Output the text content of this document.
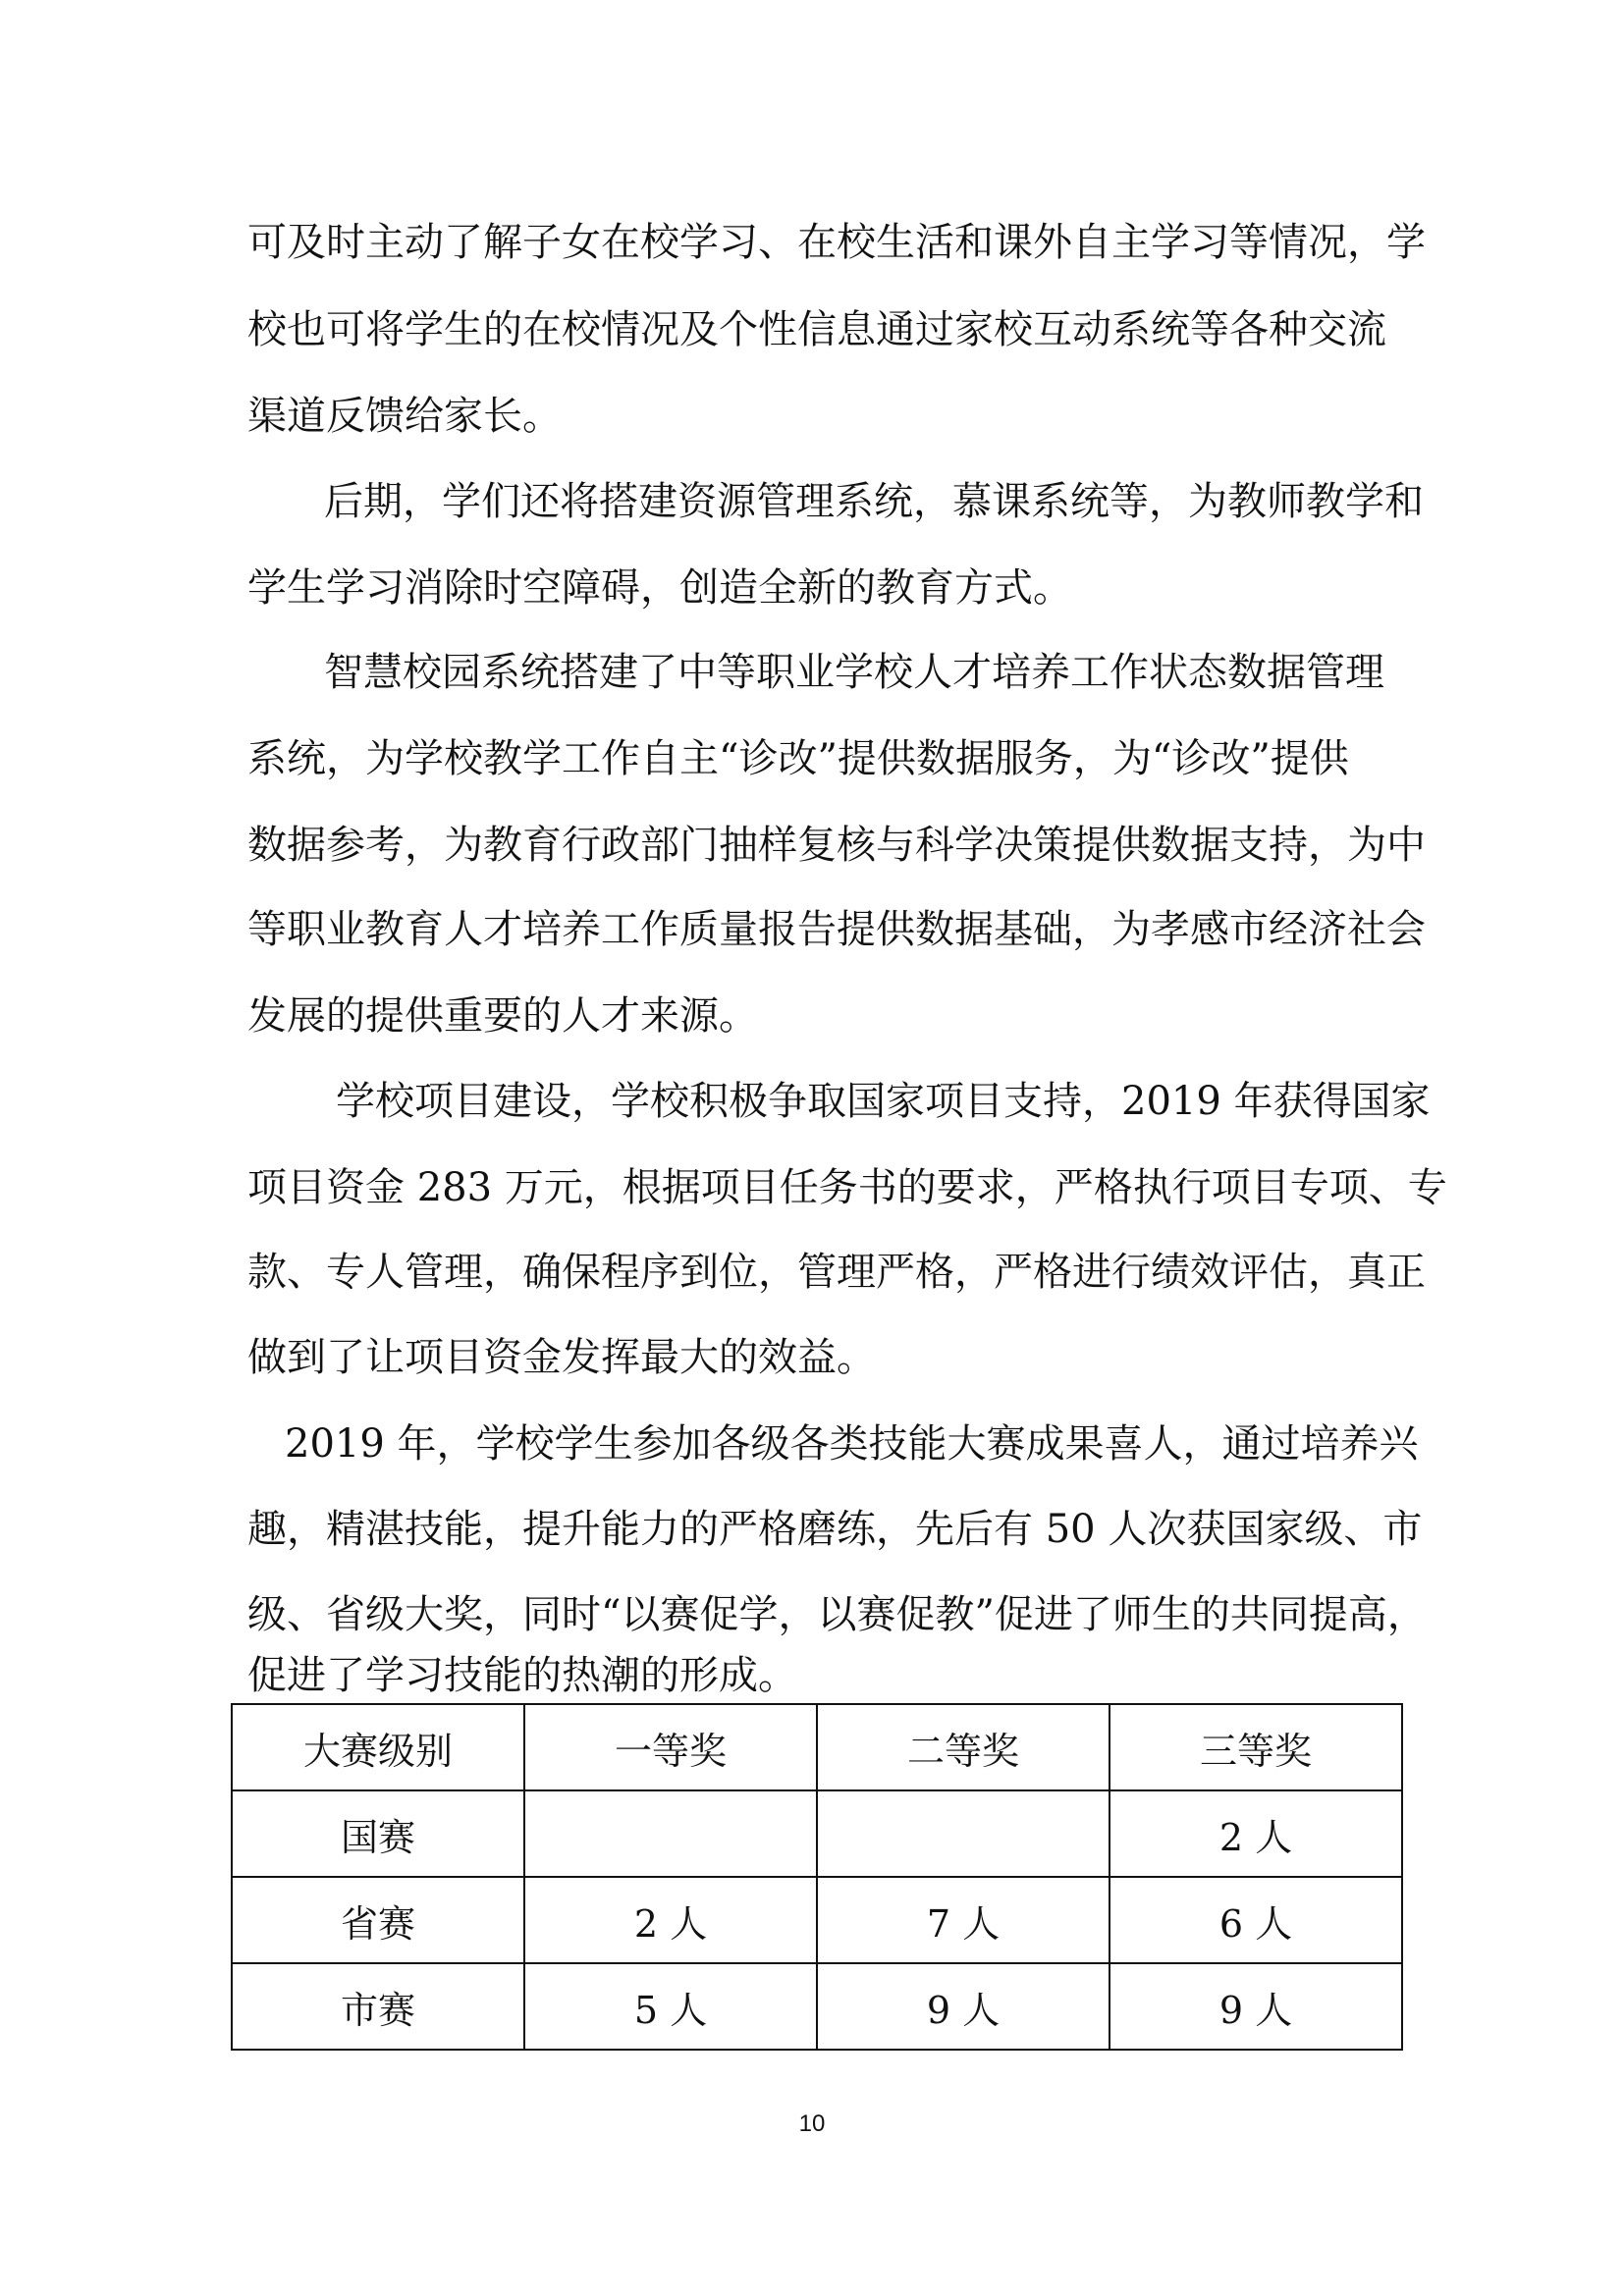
可及时主动了解子女在校学习、在校生活和课外自主学习等情况，学
校也可将学生的在校情况及个性信息通过家校互动系统等各种交流
渠道反馈给家长。
后期，学们还将搭建资源管理系统，慕课系统等，为教师教学和
学生学习消除时空障碍，创造全新的教育方式。
智慧校园系统搭建了中等职业学校人才培养工作状态数据管理
系统，为学校教学工作自主“诊改”提供数据服务，为“诊改”提供
数据参考，为教育行政部门抽样复核与科学决策提供数据支持，为中
等职业教育人才培养工作质量报告提供数据基础，为孝感市经济社会
发展的提供重要的人才来源。
学校项目建设，学校积极争取国家项目支持，2019 年获得国家
项目资金 283 万元，根据项目任务书的要求，严格执行项目专项、专
款、专人管理，确保程序到位，管理严格，严格进行绩效评估，真正
做到了让项目资金发挥最大的效益。
2019 年，学校学生参加各级各类技能大赛成果喜人，通过培养兴
趣，精湛技能，提升能力的严格磨练，先后有 50 人次获国家级、市
级、省级大奖，同时“以赛促学，以赛促教”促进了师生的共同提高，
促进了学习技能的热潮的形成。
大赛级别	一等奖	二等奖	三等奖
国赛			2 人
省赛	2 人	7 人	6 人
市赛	5 人	9 人	9 人
10
